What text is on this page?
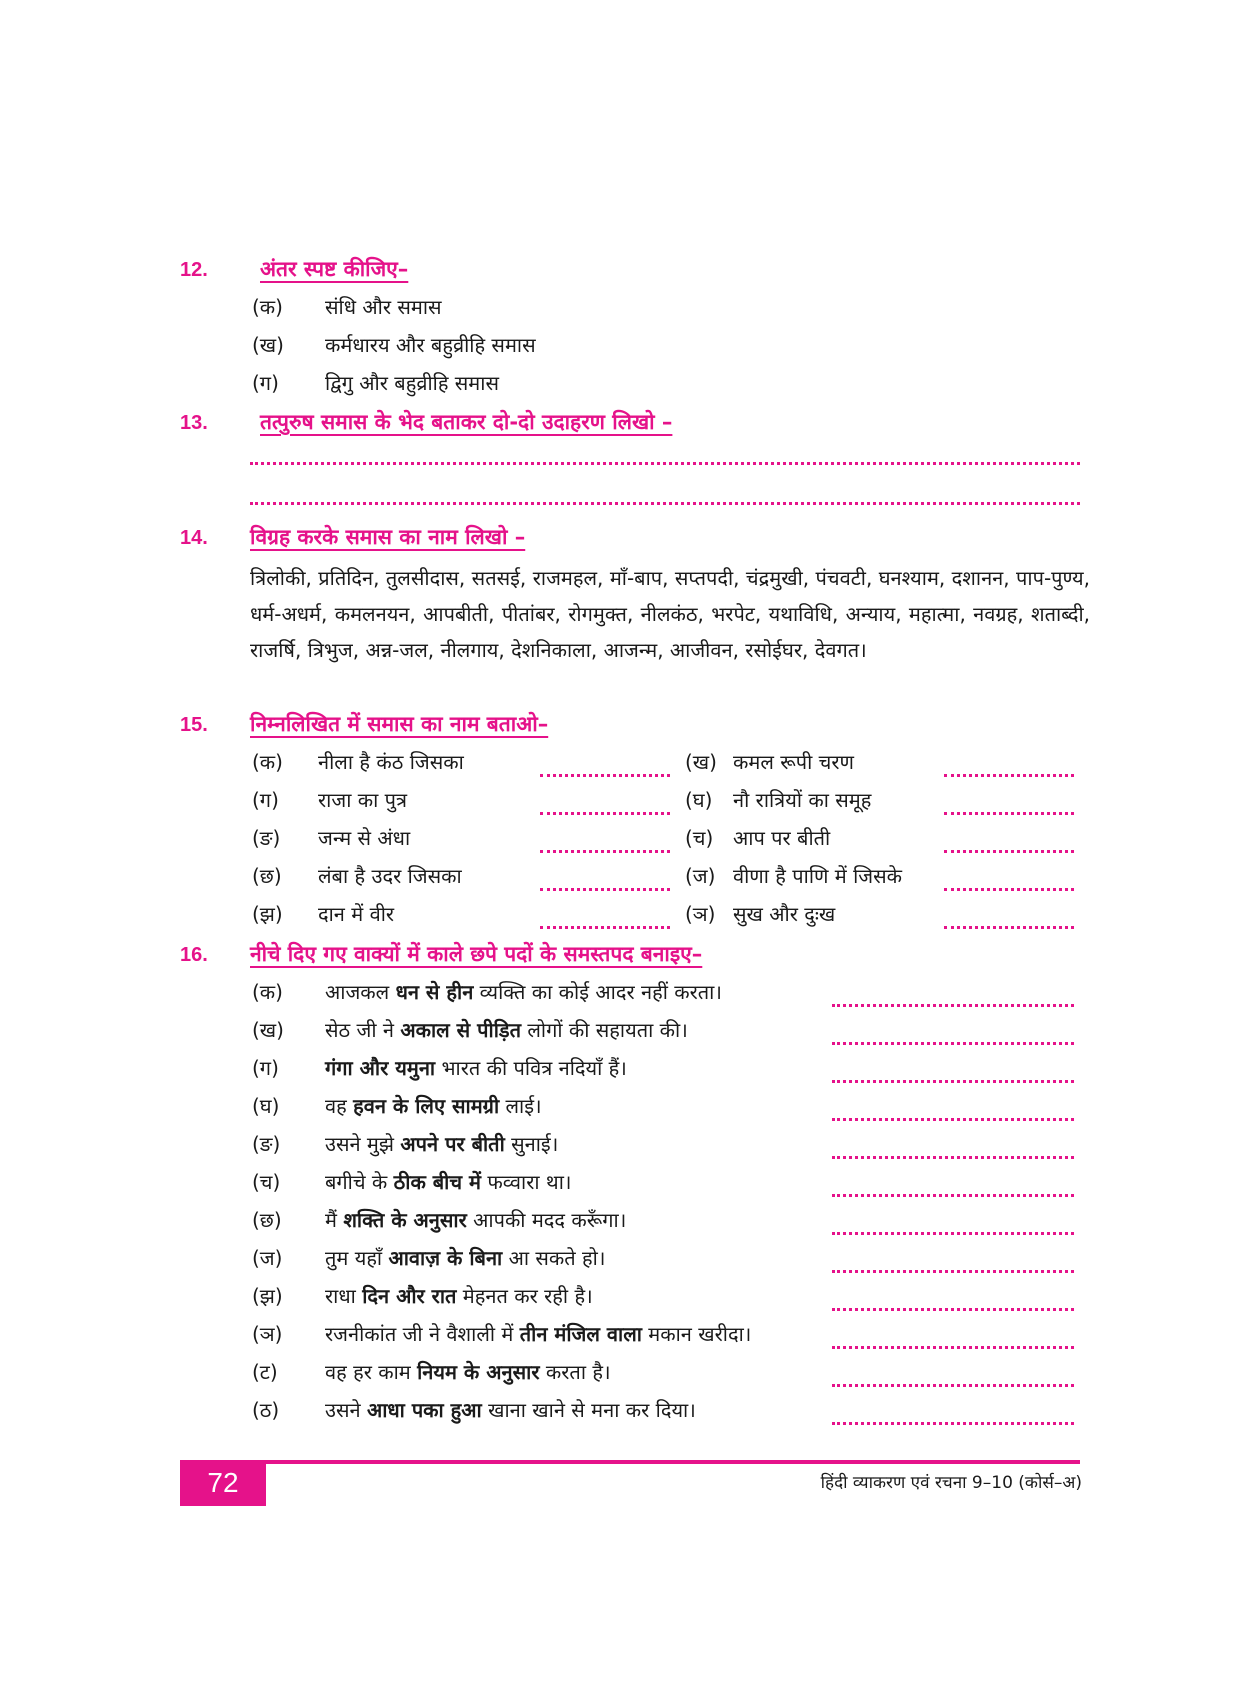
12. अंतर स्पष्ट कीजिए–
(क) संधि और समास
(ख) कर्मधारय और बहुव्रीहि समास
(ग) द्विगु और बहुव्रीहि समास
13. तत्पुरुष समास के भेद बताकर दो-दो उदाहरण लिखो –
14. विग्रह करके समास का नाम लिखो –
त्रिलोकी, प्रतिदिन, तुलसीदास, सतसई, राजमहल, माँ-बाप, सप्तपदी, चंद्रमुखी, पंचवटी, घनश्याम, दशानन, पाप-पुण्य, धर्म-अधर्म, कमलनयन, आपबीती, पीतांबर, रोगमुक्त, नीलकंठ, भरपेट, यथाविधि, अन्याय, महात्मा, नवग्रह, शताब्दी, राजर्षि, त्रिभुज, अन्न-जल, नीलगाय, देशनिकाला, आजन्म, आजीवन, रसोईघर, देवगत।
15. निम्नलिखित में समास का नाम बताओ–
(क) नीला है कंठ जिसका	(ख) कमल रूपी चरण
(ग) राजा का पुत्र	(घ) नौ रात्रियों का समूह
(ङ) जन्म से अंधा	(च) आप पर बीती
(छ) लंबा है उदर जिसका	(ज) वीणा है पाणि में जिसके
(झ) दान में वीर	(ञ) सुख और दुःख
16. नीचे दिए गए वाक्यों में काले छपे पदों के समस्तपद बनाइए–
(क) आजकल धन से हीन व्यक्ति का कोई आदर नहीं करता।
(ख) सेठ जी ने अकाल से पीड़ित लोगों की सहायता की।
(ग) गंगा और यमुना भारत की पवित्र नदियाँ हैं।
(घ) वह हवन के लिए सामग्री लाई।
(ङ) उसने मुझे अपने पर बीती सुनाई।
(च) बगीचे के ठीक बीच में फव्वारा था।
(छ) मैं शक्ति के अनुसार आपकी मदद करूँगा।
(ज) तुम यहाँ आवाज़ के बिना आ सकते हो।
(झ) राधा दिन और रात मेहनत कर रही है।
(ञ) रजनीकांत जी ने वैशाली में तीन मंजिल वाला मकान खरीदा।
(ट) वह हर काम नियम के अनुसार करता है।
(ठ) उसने आधा पका हुआ खाना खाने से मना कर दिया।
72	हिंदी व्याकरण एवं रचना 9–10 (कोर्स–अ)
